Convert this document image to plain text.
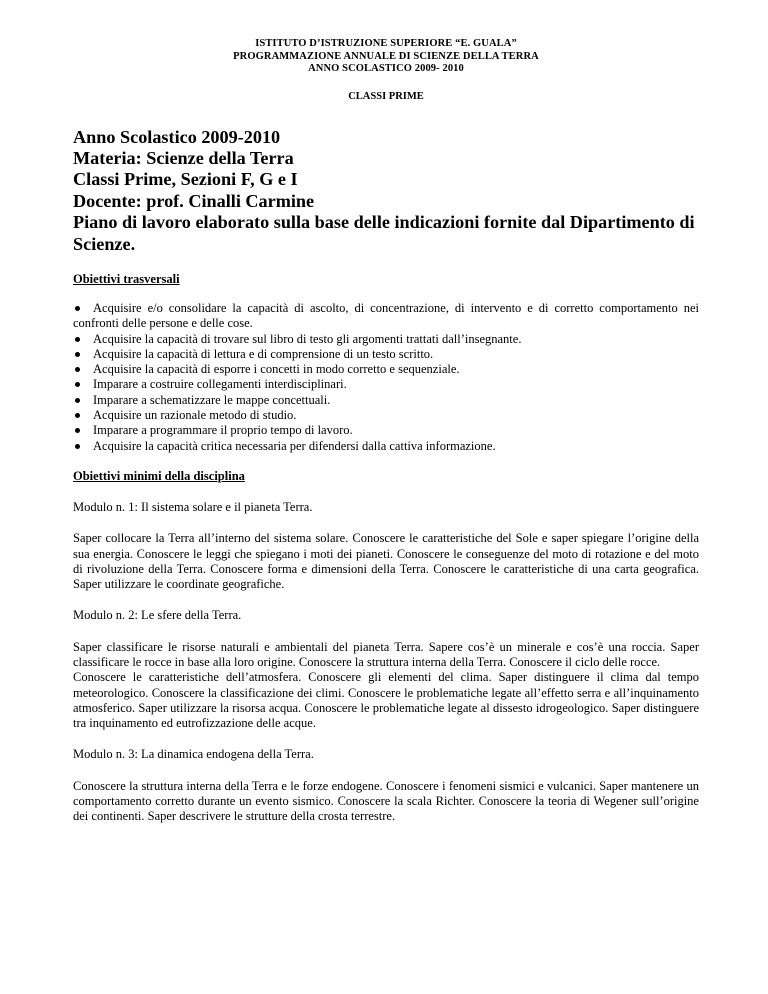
ISTITUTO D’ISTRUZIONE SUPERIORE “E. GUALA”
PROGRAMMAZIONE ANNUALE DI SCIENZE DELLA TERRA
ANNO SCOLASTICO 2009- 2010
CLASSI PRIME
Anno Scolastico 2009-2010
Materia: Scienze della Terra
Classi Prime, Sezioni F, G e I
Docente: prof. Cinalli Carmine
Piano di lavoro elaborato sulla base delle indicazioni fornite dal Dipartimento di Scienze.
Obiettivi trasversali
Acquisire e/o consolidare la capacità di ascolto, di concentrazione, di intervento e di corretto comportamento nei confronti delle persone e delle cose.
Acquisire la capacità di trovare sul libro di testo gli argomenti trattati dall’insegnante.
Acquisire la capacità di lettura e di comprensione di un testo scritto.
Acquisire la capacità di esporre i concetti in modo corretto e sequenziale.
Imparare a costruire collegamenti interdisciplinari.
Imparare a schematizzare le mappe concettuali.
Acquisire un razionale metodo di studio.
Imparare a programmare il proprio tempo di lavoro.
Acquisire la capacità critica necessaria per difendersi dalla cattiva informazione.
Obiettivi minimi della disciplina
Modulo n. 1: Il sistema solare e il pianeta Terra.
Saper collocare la Terra all’interno del sistema solare. Conoscere le caratteristiche del Sole e saper spiegare l’origine della sua energia. Conoscere le leggi che spiegano i moti dei pianeti. Conoscere le conseguenze del moto di rotazione e del moto di rivoluzione della Terra. Conoscere forma e dimensioni della Terra. Conoscere le caratteristiche di una carta geografica. Saper utilizzare le coordinate geografiche.
Modulo n. 2: Le sfere della Terra.
Saper classificare le risorse naturali e ambientali del pianeta Terra. Sapere cos’è un minerale e cos’è una roccia. Saper classificare le rocce in base alla loro origine. Conoscere la struttura interna della Terra. Conoscere il ciclo delle rocce.
Conoscere le caratteristiche dell’atmosfera. Conoscere gli elementi del clima. Saper distinguere il clima dal tempo meteorologico. Conoscere la classificazione dei climi. Conoscere le problematiche legate all’effetto serra e all’inquinamento atmosferico. Saper utilizzare la risorsa acqua. Conoscere le problematiche legate al dissesto idrogeologico. Saper distinguere tra inquinamento ed eutrofizzazione delle acque.
Modulo n. 3: La dinamica endogena della Terra.
Conoscere la struttura interna della Terra e le forze endogene. Conoscere i fenomeni sismici e vulcanici. Saper mantenere un comportamento corretto durante un evento sismico. Conoscere la scala Richter. Conoscere la teoria di Wegener sull’origine dei continenti. Saper descrivere le strutture della crosta terrestre.
